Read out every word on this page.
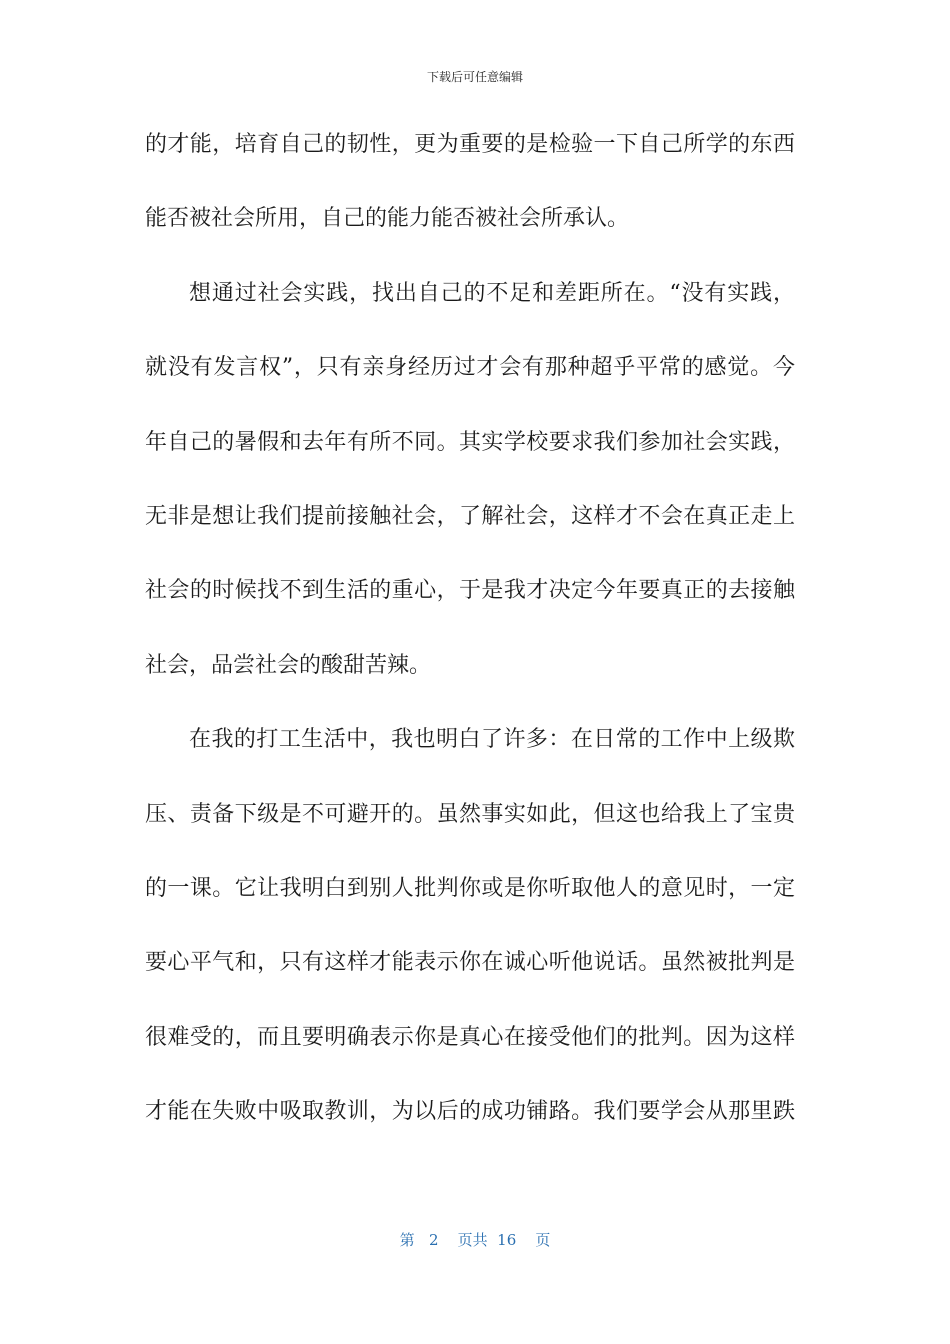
下载后可任意编辑
的才能，培育自己的韧性，更为重要的是检验一下自己所学的东西
能否被社会所用，自己的能力能否被社会所承认。
想通过社会实践，找出自己的不足和差距所在。“没有实践，
就没有发言权”，只有亲身经历过才会有那种超乎平常的感觉。今
年自己的暑假和去年有所不同。其实学校要求我们参加社会实践，
无非是想让我们提前接触社会，了解社会，这样才不会在真正走上
社会的时候找不到生活的重心，于是我才决定今年要真正的去接触
社会，品尝社会的酸甜苦辣。
在我的打工生活中，我也明白了许多：在日常的工作中上级欺
压、责备下级是不可避开的。虽然事实如此，但这也给我上了宝贵
的一课。它让我明白到别人批判你或是你听取他人的意见时，一定
要心平气和，只有这样才能表示你在诚心听他说话。虽然被批判是
很难受的，而且要明确表示你是真心在接受他们的批判。因为这样
才能在失败中吸取教训，为以后的成功铺路。我们要学会从那里跌
第 2 页共 16 页
